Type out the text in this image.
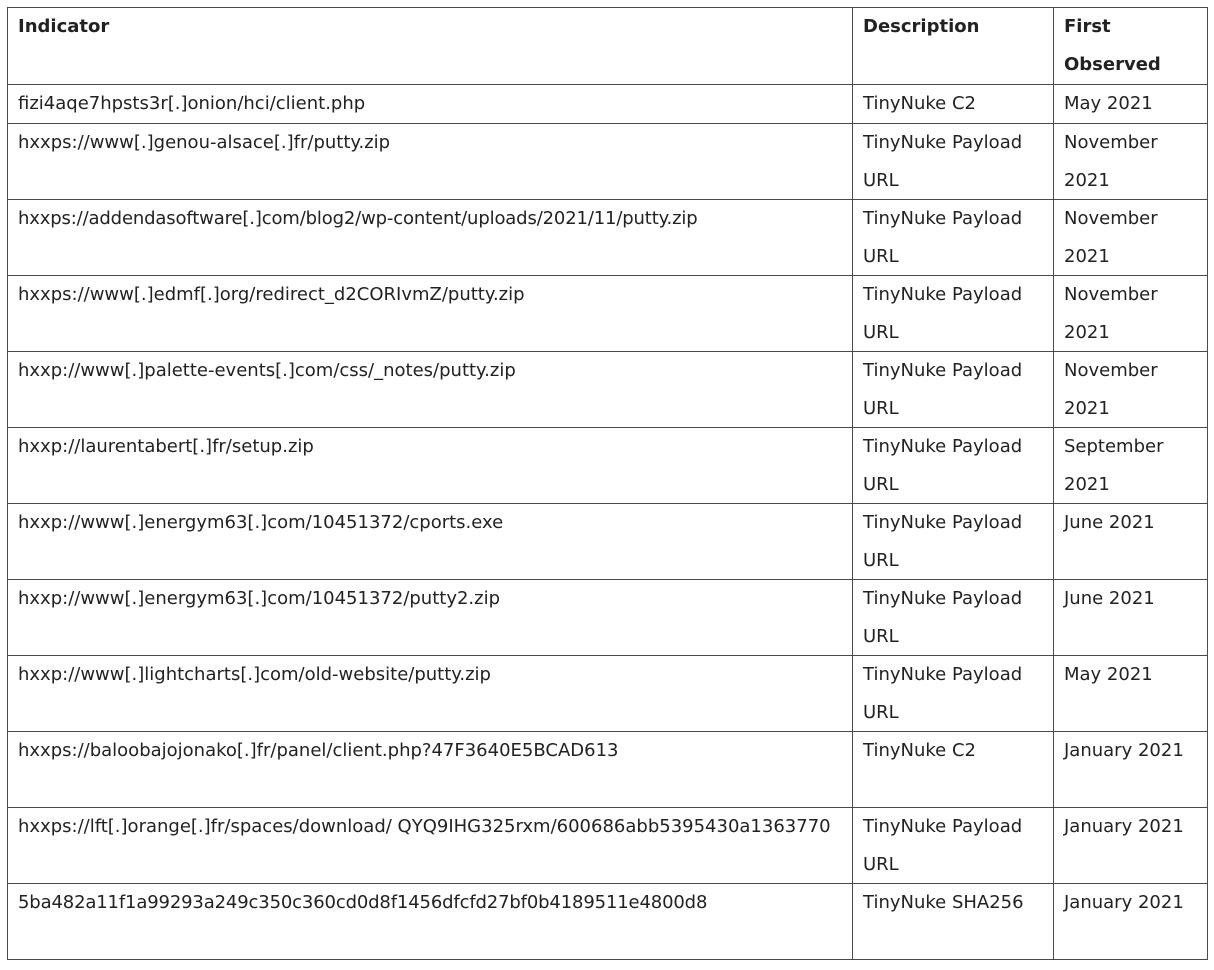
Indicator	Description	First Observed
fizi4aqe7hpsts3r[.]onion/hci/client.php	TinyNuke C2	May 2021
hxxps://www[.]genou-alsace[.]fr/putty.zip	TinyNuke Payload URL	November 2021
hxxps://addendasoftware[.]com/blog2/wp-content/uploads/2021/11/putty.zip	TinyNuke Payload URL	November 2021
hxxps://www[.]edmf[.]org/redirect_d2CORIvmZ/putty.zip	TinyNuke Payload URL	November 2021
hxxp://www[.]palette-events[.]com/css/_notes/putty.zip	TinyNuke Payload URL	November 2021
hxxp://laurentabert[.]fr/setup.zip	TinyNuke Payload URL	September 2021
hxxp://www[.]energym63[.]com/10451372/cports.exe	TinyNuke Payload URL	June 2021
hxxp://www[.]energym63[.]com/10451372/putty2.zip	TinyNuke Payload URL	June 2021
hxxp://www[.]lightcharts[.]com/old-website/putty.zip	TinyNuke Payload URL	May 2021
hxxps://baloobajojonako[.]fr/panel/client.php?47F3640E5BCAD613	TinyNuke C2	January 2021
hxxps://lft[.]orange[.]fr/spaces/download/ QYQ9IHG325rxm/600686abb5395430a1363770	TinyNuke Payload URL	January 2021
5ba482a11f1a99293a249c350c360cd0d8f1456dfcfd27bf0b4189511e4800d8	TinyNuke SHA256	January 2021
